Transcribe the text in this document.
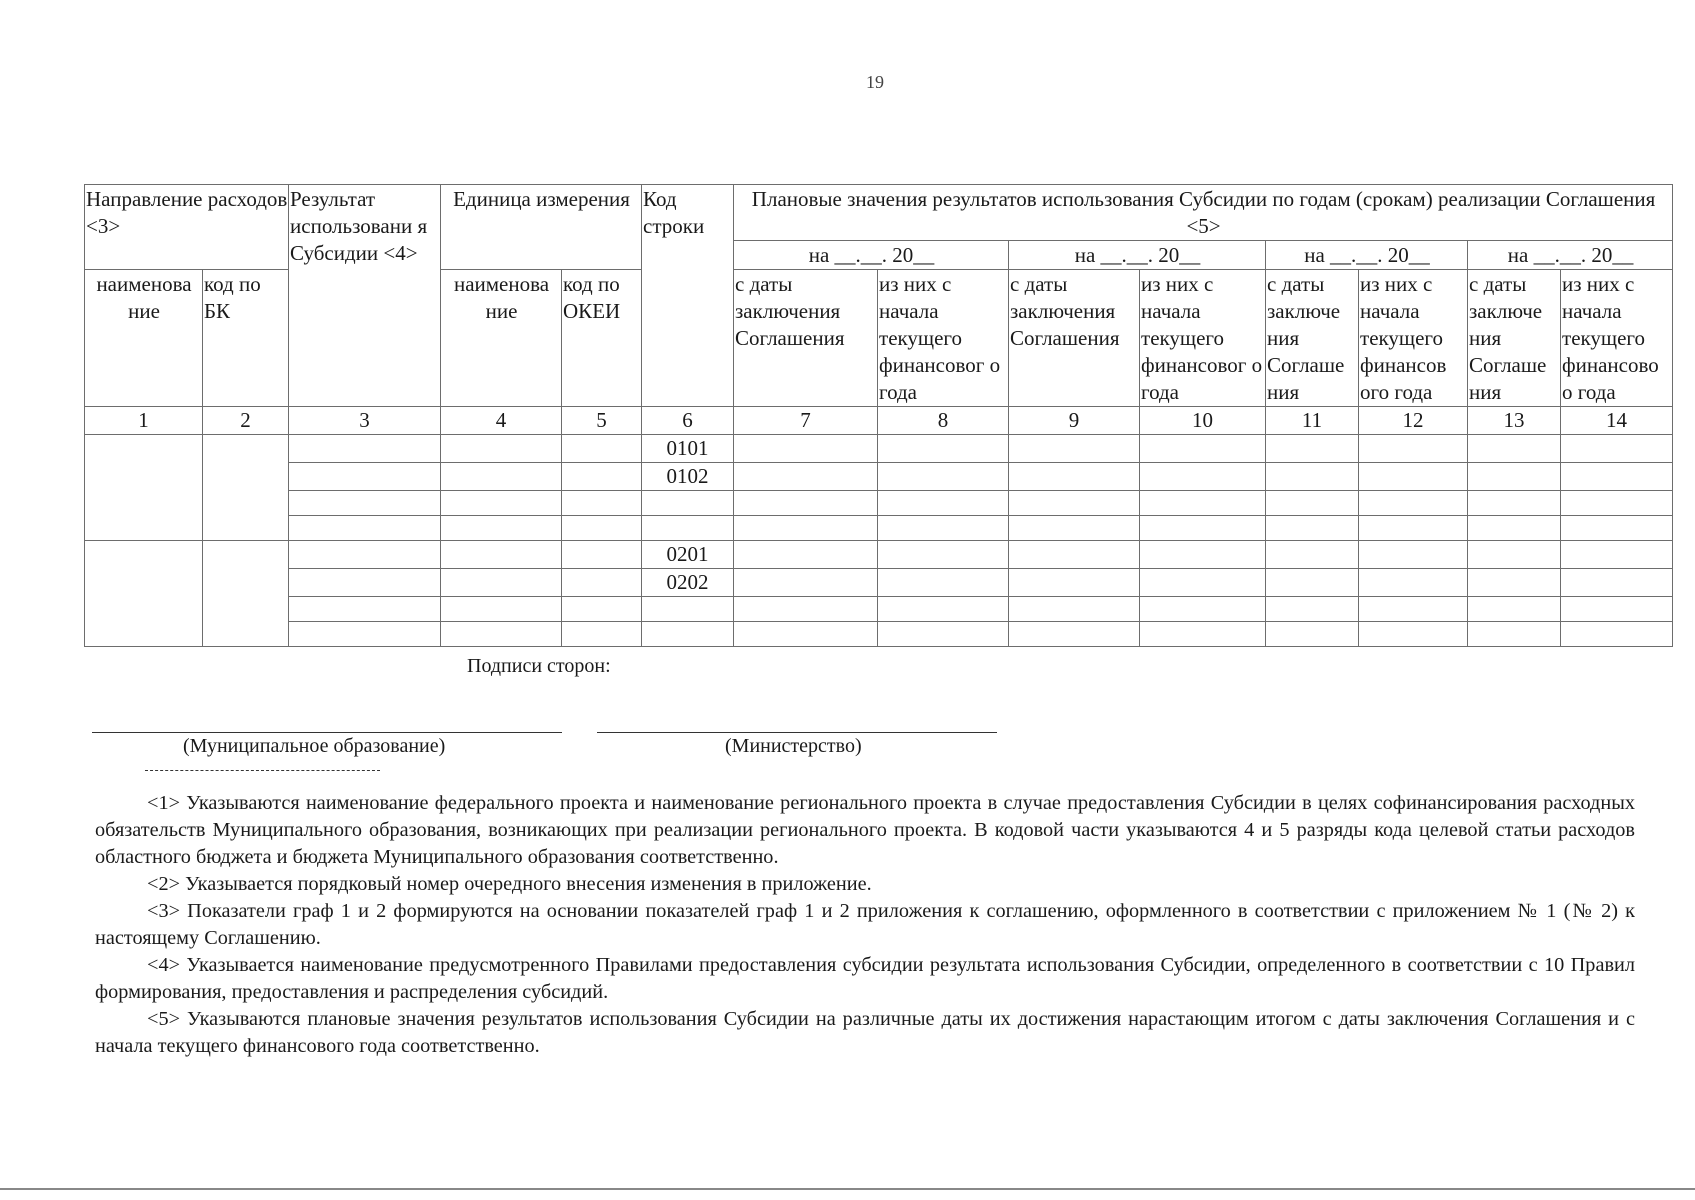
19
Направление расходов <3>		Результат использовани я Субсидии <4>	Единица измерения		Код строки	Плановые значения результатов использования Субсидии по годам (срокам) реализации Соглашения <5>							
						на __.__. 20__		на __.__. 20__		на __.__. 20__		на __.__. 20__	
наименова ние	код по БК		наименова ние	код по ОКЕИ		с даты заключения Соглашения	из них с начала текущего финансовог о года	с даты заключения Соглашения	из них с начала текущего финансовог о года	с даты заключе ния Соглаше ния	из них с начала текущего финансов ого года	с даты заключе ния Соглаше ния	из них с начала текущего финансово о года
1	2	3	4	5	6	7	8	9	10	11	12	13	14
					0101								
					0102								

					0201								
					0202								

Подписи сторон:
(Муниципальное образование)	(Министерство)

<1> Указываются наименование федерального проекта и наименование регионального проекта в случае предоставления Субсидии в целях софинансирования расходных обязательств Муниципального образования, возникающих при реализации регионального проекта. В кодовой части указываются 4 и 5 разряды кода целевой статьи расходов областного бюджета и бюджета Муниципального образования соответственно.

<2> Указывается порядковый номер очередного внесения изменения в приложение.

<3> Показатели граф 1 и 2 формируются на основании показателей граф 1 и 2 приложения к соглашению, оформленного в соответствии с приложением № 1 (№ 2) к настоящему Соглашению.

<4> Указывается наименование предусмотренного Правилами предоставления субсидии результата использования Субсидии, определенного в соответствии с 10 Правил формирования, предоставления и распределения субсидий.

<5> Указываются плановые значения результатов использования Субсидии на различные даты их достижения нарастающим итогом с даты заключения Соглашения и с начала текущего финансового года соответственно.
